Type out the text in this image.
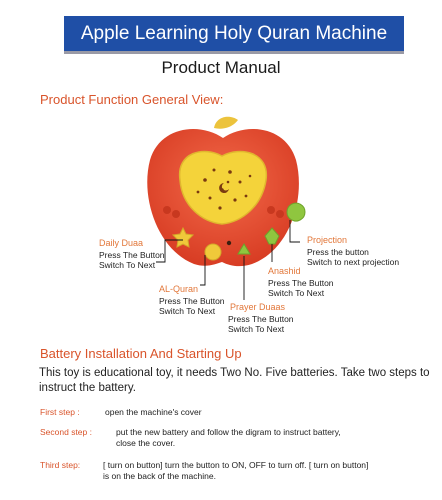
Apple Learning Holy Quran Machine
Product Manual
Product Function General View:
Daily Duaa
Press The Button
Switch To Next
AL-Quran
Press The Button
Switch To Next	Prayer Duaas
Press The Button
Switch To Next
Anashid
Press The Button
Switch To Next
Projection
Press the button
Switch to next projection
Battery Installation And Starting Up
This toy is educational toy, it needs Two No. Five batteries. Take two steps to
instruct the battery.
First step :	open the machine's cover
Second step :	put the new battery and follow the digram to instruct battery,
close the cover.
Third step:	[ turn on button] turn the button to ON, OFF to turn off. [ turn on button]
is on the back of the machine.
